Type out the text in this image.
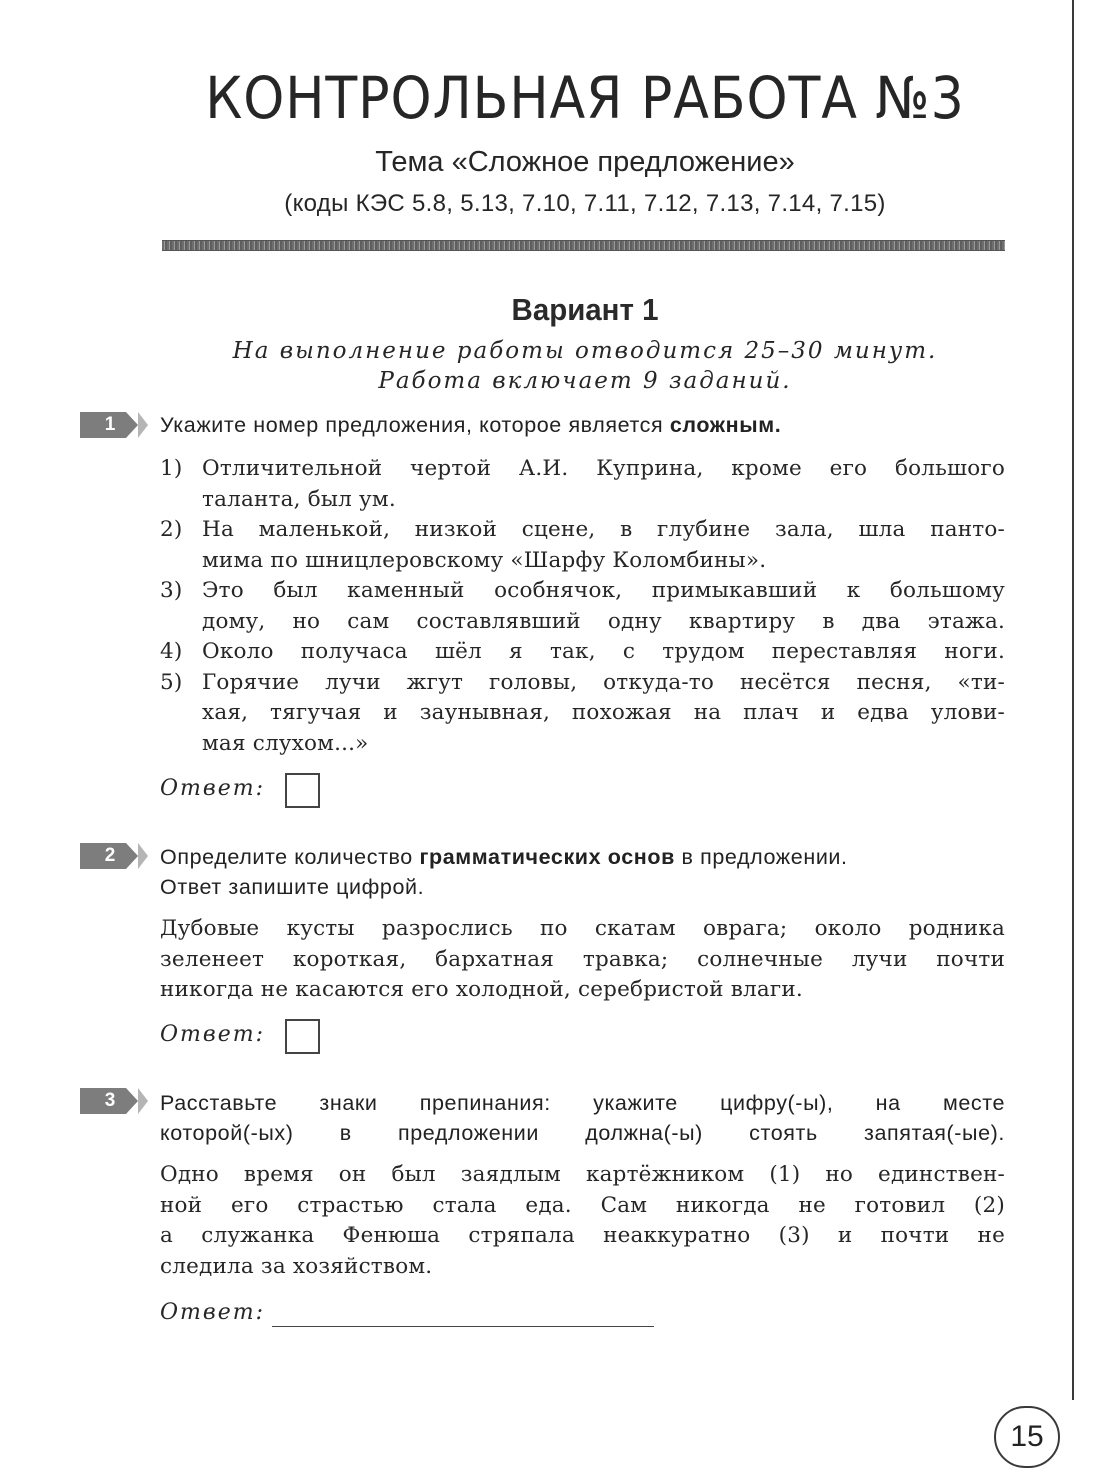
КОНТРОЛЬНАЯ РАБОТА №3
Тема «Сложное предложение»
(коды КЭС 5.8, 5.13, 7.10, 7.11, 7.12, 7.13, 7.14, 7.15)
Вариант 1
На выполнение работы отводится 25–30 минут.
Работа включает 9 заданий.
1	Укажите номер предложения, которое является сложным.
1) Отличительной чертой А.И. Куприна, кроме его большого
таланта, был ум.
2) На маленькой, низкой сцене, в глубине зала, шла панто-
мима по шницлеровскому «Шарфу Коломбины».
3) Это был каменный особнячок, примыкавший к большому
дому, но сам составлявший одну квартиру в два этажа.
4) Около получаса шёл я так, с трудом переставляя ноги.
5) Горячие лучи жгут головы, откуда-то несётся песня, «ти-
хая, тягучая и заунывная, похожая на плач и едва улови-
мая слухом...»
Ответ:
2	Определите количество грамматических основ в предложении.
Ответ запишите цифрой.
Дубовые кусты разрослись по скатам оврага; около родника
зеленеет короткая, бархатная травка; солнечные лучи почти
никогда не касаются его холодной, серебристой влаги.
Ответ:
3	Расставьте знаки препинания: укажите цифру(-ы), на месте
которой(-ых) в предложении должна(-ы) стоять запятая(-ые).
Одно время он был заядлым картёжником (1) но единствен-
ной его страстью стала еда. Сам никогда не готовил (2)
а служанка Фенюша стряпала неаккуратно (3) и почти не
следила за хозяйством.
Ответ:
15
